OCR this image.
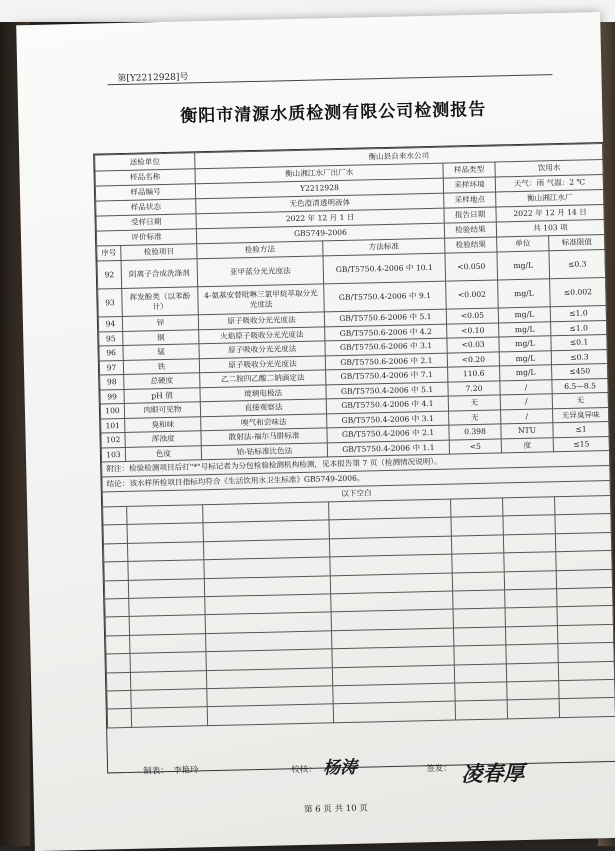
第[Y2212928]号
衡阳市清源水质检测有限公司检测报告
送检单位		衡山县自来水公司				
样品名称		衡山湘江水厂出厂水		样品类型	饮用水	
样品编号		Y2212928		采样环境	天气：雨 气温：2 ℃	
样品状态		无色澄清透明液体		采样地点	衡山湘江水厂	
受样日期		2022 年 12 月 1 日		报告日期	2022 年 12 月 14 日	
评价标准		GB5749-2006		检验结果	共 103 项	
序号	检验项目	检验方法	方法标准	检验结果	单位	标准限值
92	阴离子合成洗涤剂	亚甲蓝分光光度法	GB/T5750.4-2006 中 10.1	<0.050	mg/L	≤0.3
93	挥发酚类（以苯酚计）	4-氨基安替吡啉三氯甲烷萃取分光光度法	GB/T5750.4-2006 中 9.1	<0.002	mg/L	≤0.002
94	锌	原子吸收分光光度法	GB/T5750.6-2006 中 5.1	<0.05	mg/L	≤1.0
95	铜	火焰原子吸收分光光度法	GB/T5750.6-2006 中 4.2	<0.10	mg/L	≤1.0
96	锰	原子吸收分光光度法	GB/T5750.6-2006 中 3.1	<0.03	mg/L	≤0.1
97	铁	原子吸收分光光度法	GB/T5750.6-2006 中 2.1	<0.20	mg/L	≤0.3
98	总硬度	乙二胺四乙酸二钠滴定法	GB/T5750.4-2006 中 7.1	110.6	mg/L	≤450
99	pH 值	玻璃电极法	GB/T5750.4-2006 中 5.1	7.20	/	6.5—8.5
100	肉眼可见物	直接观察法	GB/T5750.4-2006 中 4.1	无	/	无
101	臭和味	嗅气和尝味法	GB/T5750.4-2006 中 3.1	无	/	无异臭异味
102	浑浊度	散射法-福尔马肼标准	GB/T5750.4-2006 中 2.1	0.398	NTU	≤1
103	色度	铂-钴标准比色法	GB/T5750.4-2006 中 1.1	<5	度	≤15
附注：检验检测项目后打"*"号标记者为分包检验检测机构检测，见本报告第 7 页（检测情况说明）。						
结论：该水样所检项目指标均符合《生活饮用水卫生标准》GB5749-2006。						
以下空白						

制表： 李艳玲	校核： 杨涛	签发： 凌春厚
第 6 页 共 10 页
